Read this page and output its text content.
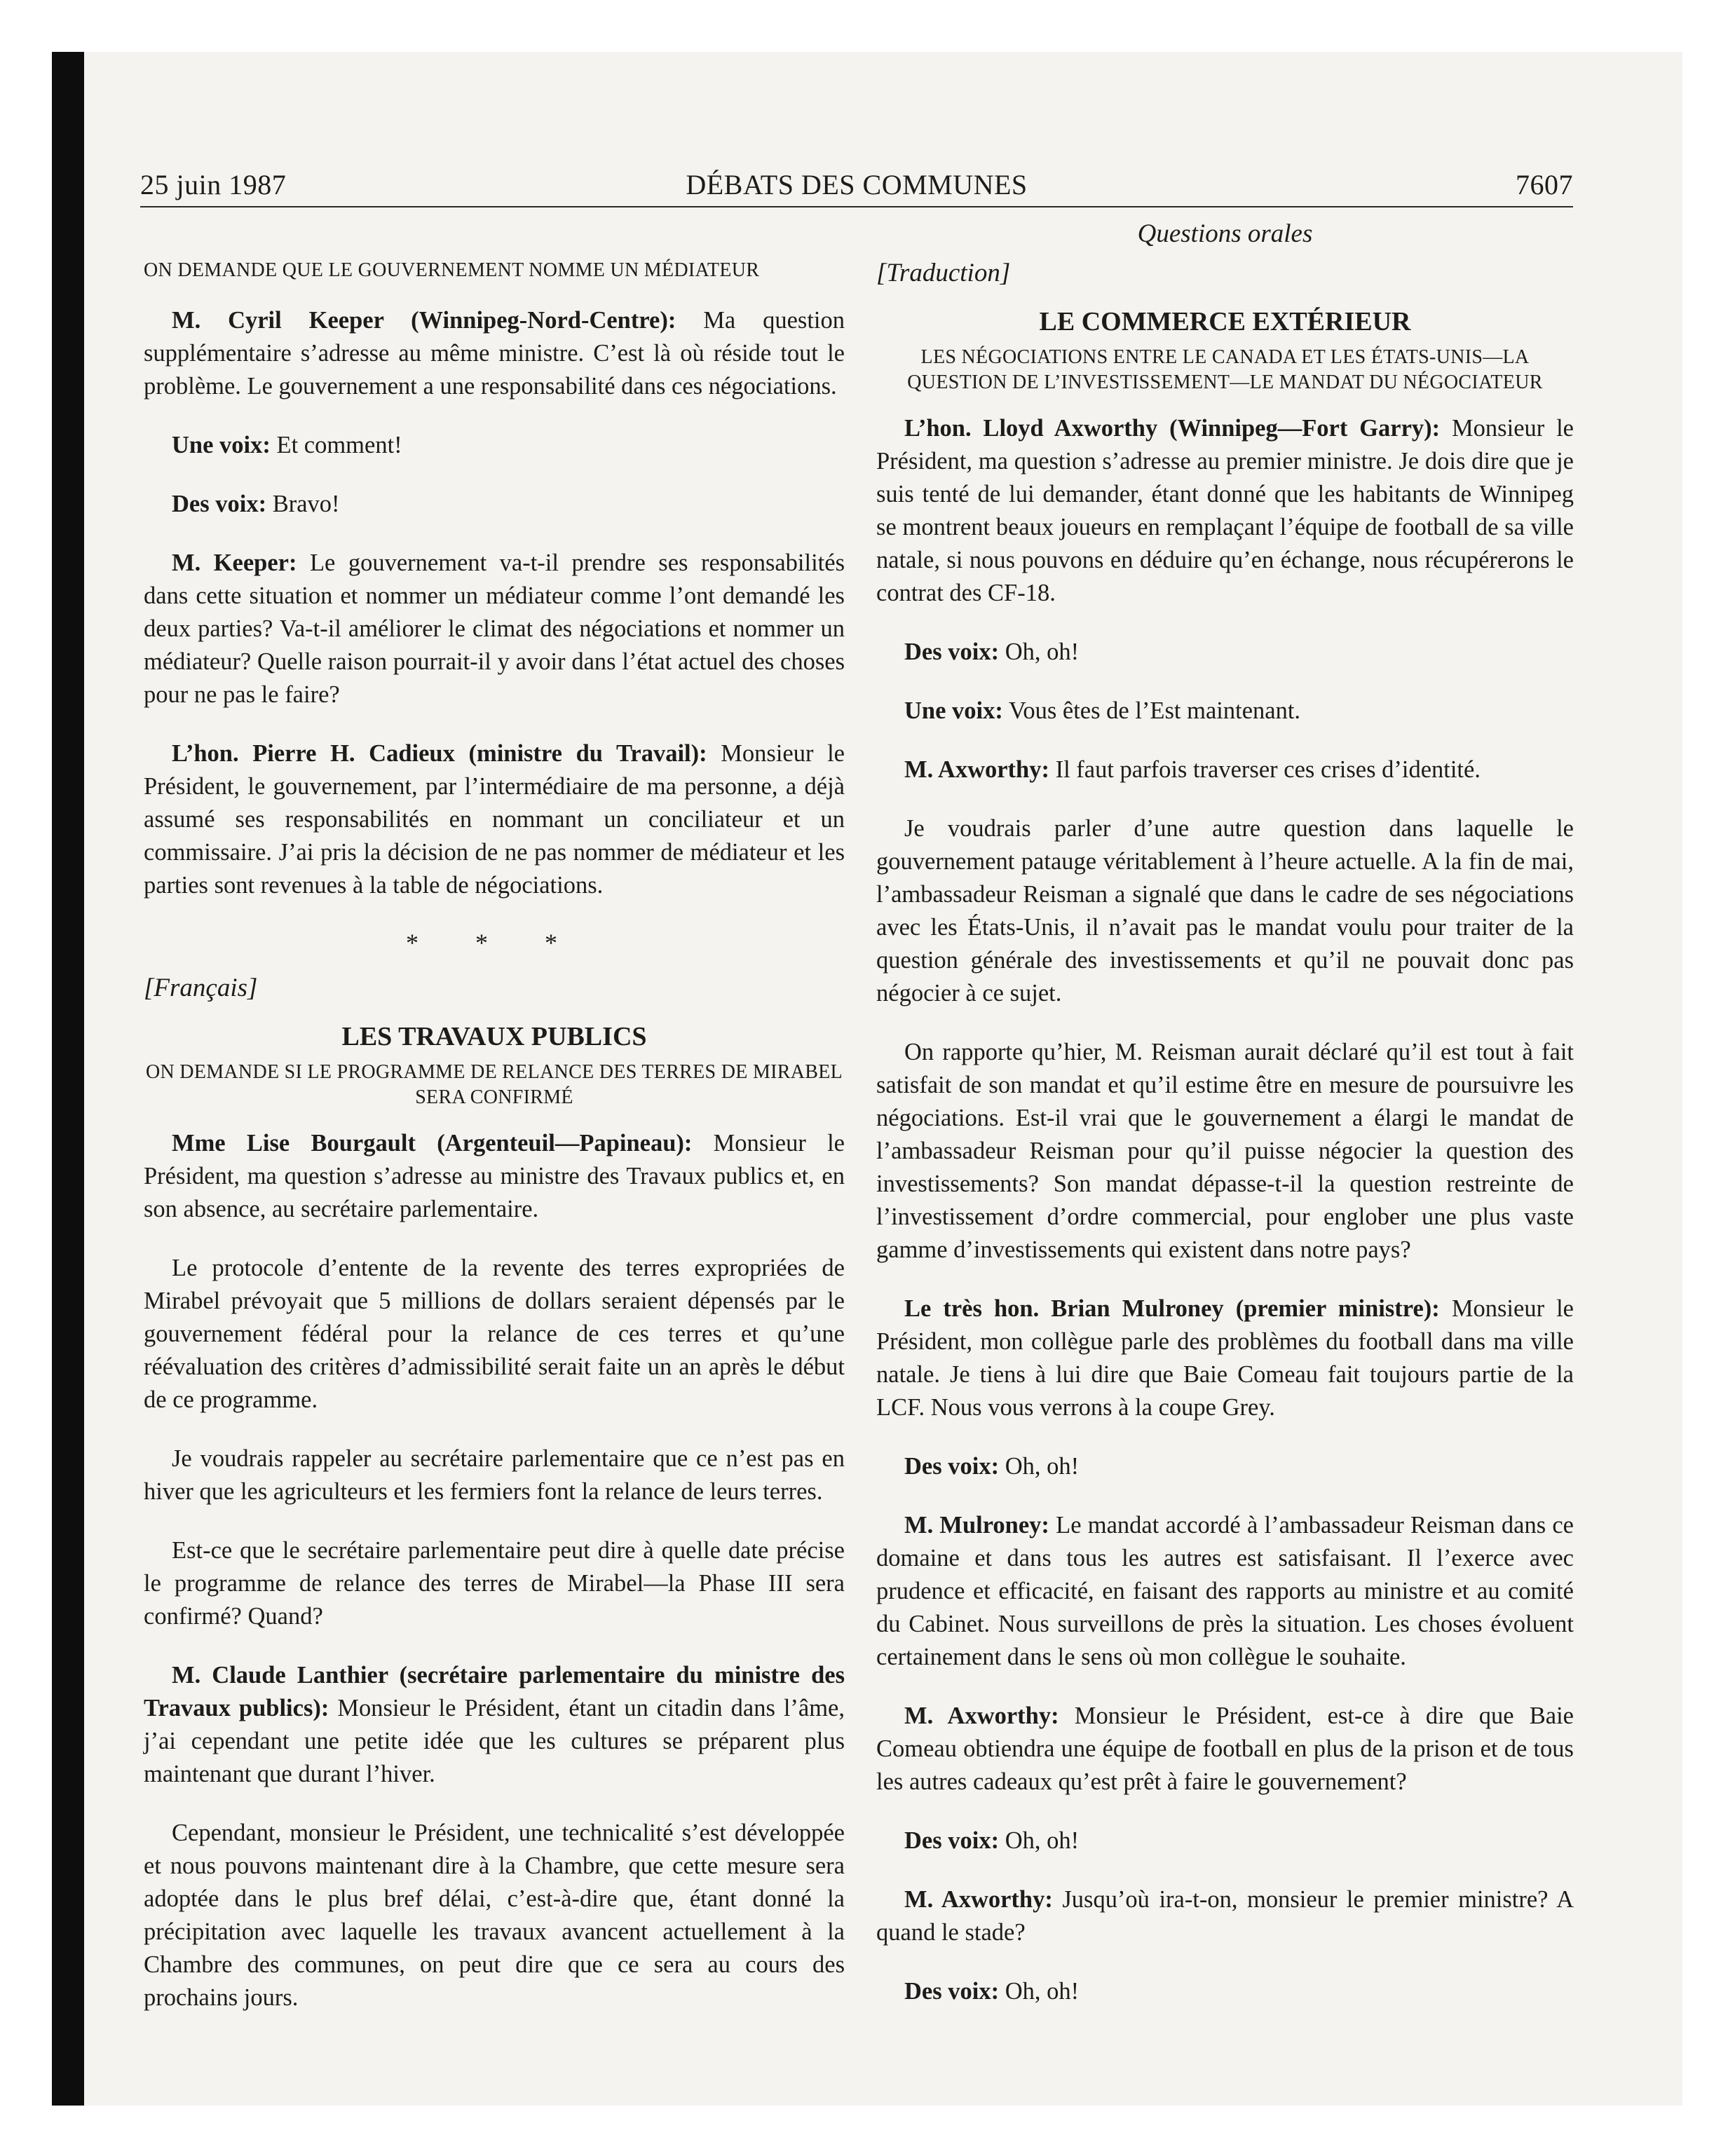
25 juin 1987	DÉBATS DES COMMUNES	7607
ON DEMANDE QUE LE GOUVERNEMENT NOMME UN MÉDIATEUR

M. Cyril Keeper (Winnipeg-Nord-Centre): Ma question supplémentaire s’adresse au même ministre. C’est là où réside tout le problème. Le gouvernement a une responsabilité dans ces négociations.

Une voix: Et comment!

Des voix: Bravo!

M. Keeper: Le gouvernement va-t-il prendre ses responsabilités dans cette situation et nommer un médiateur comme l’ont demandé les deux parties? Va-t-il améliorer le climat des négociations et nommer un médiateur? Quelle raison pourrait-il y avoir dans l’état actuel des choses pour ne pas le faire?

L’hon. Pierre H. Cadieux (ministre du Travail): Monsieur le Président, le gouvernement, par l’intermédiaire de ma personne, a déjà assumé ses responsabilités en nommant un conciliateur et un commissaire. J’ai pris la décision de ne pas nommer de médiateur et les parties sont revenues à la table de négociations.

* * *
[Français]
LES TRAVAUX PUBLICS
ON DEMANDE SI LE PROGRAMME DE RELANCE DES TERRES DE MIRABEL SERA CONFIRMÉ

Mme Lise Bourgault (Argenteuil—Papineau): Monsieur le Président, ma question s’adresse au ministre des Travaux publics et, en son absence, au secrétaire parlementaire.

Le protocole d’entente de la revente des terres expropriées de Mirabel prévoyait que 5 millions de dollars seraient dépensés par le gouvernement fédéral pour la relance de ces terres et qu’une réévaluation des critères d’admissibilité serait faite un an après le début de ce programme.

Je voudrais rappeler au secrétaire parlementaire que ce n’est pas en hiver que les agriculteurs et les fermiers font la relance de leurs terres.

Est-ce que le secrétaire parlementaire peut dire à quelle date précise le programme de relance des terres de Mirabel—la Phase III sera confirmé? Quand?

M. Claude Lanthier (secrétaire parlementaire du ministre des Travaux publics): Monsieur le Président, étant un citadin dans l’âme, j’ai cependant une petite idée que les cultures se préparent plus maintenant que durant l’hiver.

Cependant, monsieur le Président, une technicalité s’est développée et nous pouvons maintenant dire à la Chambre, que cette mesure sera adoptée dans le plus bref délai, c’est-à-dire que, étant donné la précipitation avec laquelle les travaux avancent actuellement à la Chambre des communes, on peut dire que ce sera au cours des prochains jours.

Questions orales
[Traduction]
LE COMMERCE EXTÉRIEUR
LES NÉGOCIATIONS ENTRE LE CANADA ET LES ÉTATS-UNIS—LA QUESTION DE L’INVESTISSEMENT—LE MANDAT DU NÉGOCIATEUR

L’hon. Lloyd Axworthy (Winnipeg—Fort Garry): Monsieur le Président, ma question s’adresse au premier ministre. Je dois dire que je suis tenté de lui demander, étant donné que les habitants de Winnipeg se montrent beaux joueurs en remplaçant l’équipe de football de sa ville natale, si nous pouvons en déduire qu’en échange, nous récupérerons le contrat des CF-18.

Des voix: Oh, oh!

Une voix: Vous êtes de l’Est maintenant.

M. Axworthy: Il faut parfois traverser ces crises d’identité.

Je voudrais parler d’une autre question dans laquelle le gouvernement patauge véritablement à l’heure actuelle. A la fin de mai, l’ambassadeur Reisman a signalé que dans le cadre de ses négociations avec les États-Unis, il n’avait pas le mandat voulu pour traiter de la question générale des investissements et qu’il ne pouvait donc pas négocier à ce sujet.

On rapporte qu’hier, M. Reisman aurait déclaré qu’il est tout à fait satisfait de son mandat et qu’il estime être en mesure de poursuivre les négociations. Est-il vrai que le gouvernement a élargi le mandat de l’ambassadeur Reisman pour qu’il puisse négocier la question des investissements? Son mandat dépasse-t-il la question restreinte de l’investissement d’ordre commercial, pour englober une plus vaste gamme d’investissements qui existent dans notre pays?

Le très hon. Brian Mulroney (premier ministre): Monsieur le Président, mon collègue parle des problèmes du football dans ma ville natale. Je tiens à lui dire que Baie Comeau fait toujours partie de la LCF. Nous vous verrons à la coupe Grey.

Des voix: Oh, oh!

M. Mulroney: Le mandat accordé à l’ambassadeur Reisman dans ce domaine et dans tous les autres est satisfaisant. Il l’exerce avec prudence et efficacité, en faisant des rapports au ministre et au comité du Cabinet. Nous surveillons de près la situation. Les choses évoluent certainement dans le sens où mon collègue le souhaite.

M. Axworthy: Monsieur le Président, est-ce à dire que Baie Comeau obtiendra une équipe de football en plus de la prison et de tous les autres cadeaux qu’est prêt à faire le gouvernement?

Des voix: Oh, oh!

M. Axworthy: Jusqu’où ira-t-on, monsieur le premier ministre? A quand le stade?

Des voix: Oh, oh!
